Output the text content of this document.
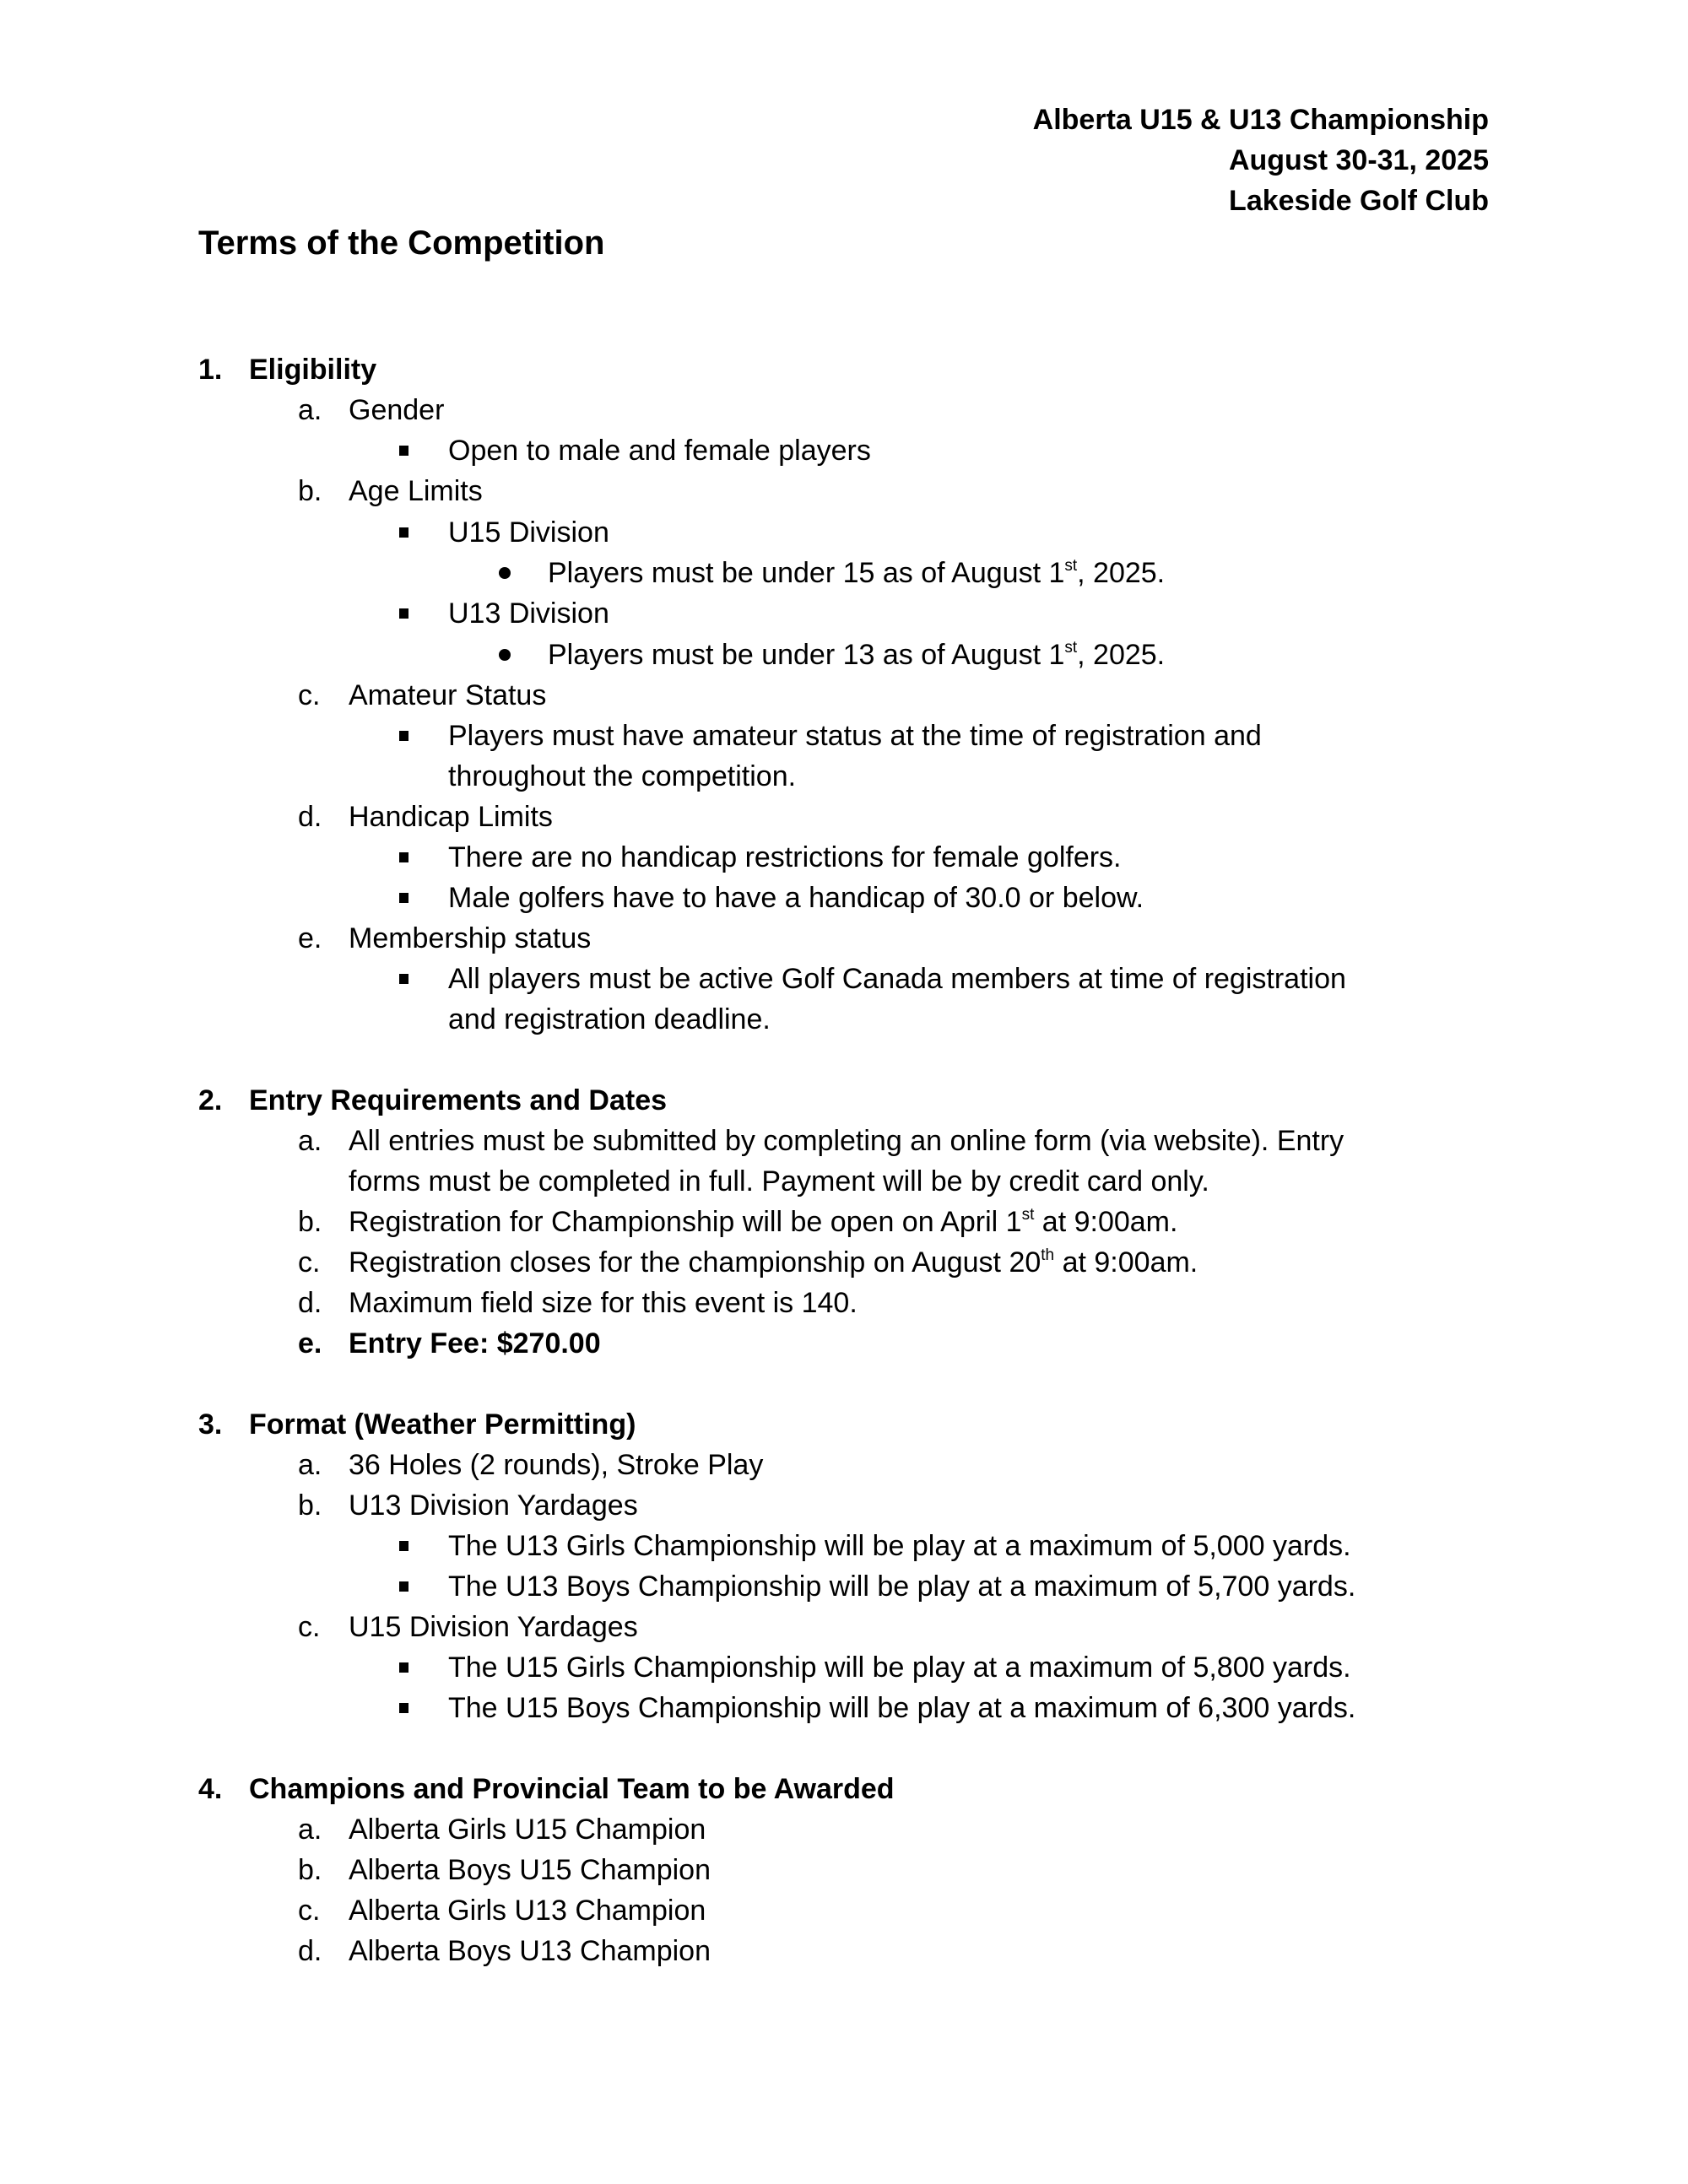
Alberta U15 & U13 Championship
August 30-31, 2025
Lakeside Golf Club
Terms of the Competition
1. Eligibility
a. Gender
Open to male and female players
b. Age Limits
U15 Division
Players must be under 15 as of August 1st, 2025.
U13 Division
Players must be under 13 as of August 1st, 2025.
c. Amateur Status
Players must have amateur status at the time of registration and
throughout the competition.
d. Handicap Limits
There are no handicap restrictions for female golfers.
Male golfers have to have a handicap of 30.0 or below.
e. Membership status
All players must be active Golf Canada members at time of registration
and registration deadline.
2. Entry Requirements and Dates
a. All entries must be submitted by completing an online form (via website). Entry
forms must be completed in full. Payment will be by credit card only.
b. Registration for Championship will be open on April 1st at 9:00am.
c. Registration closes for the championship on August 20th at 9:00am.
d. Maximum field size for this event is 140.
e. Entry Fee: $270.00
3. Format (Weather Permitting)
a. 36 Holes (2 rounds), Stroke Play
b. U13 Division Yardages
The U13 Girls Championship will be play at a maximum of 5,000 yards.
The U13 Boys Championship will be play at a maximum of 5,700 yards.
c. U15 Division Yardages
The U15 Girls Championship will be play at a maximum of 5,800 yards.
The U15 Boys Championship will be play at a maximum of 6,300 yards.
4. Champions and Provincial Team to be Awarded
a. Alberta Girls U15 Champion
b. Alberta Boys U15 Champion
c. Alberta Girls U13 Champion
d. Alberta Boys U13 Champion
